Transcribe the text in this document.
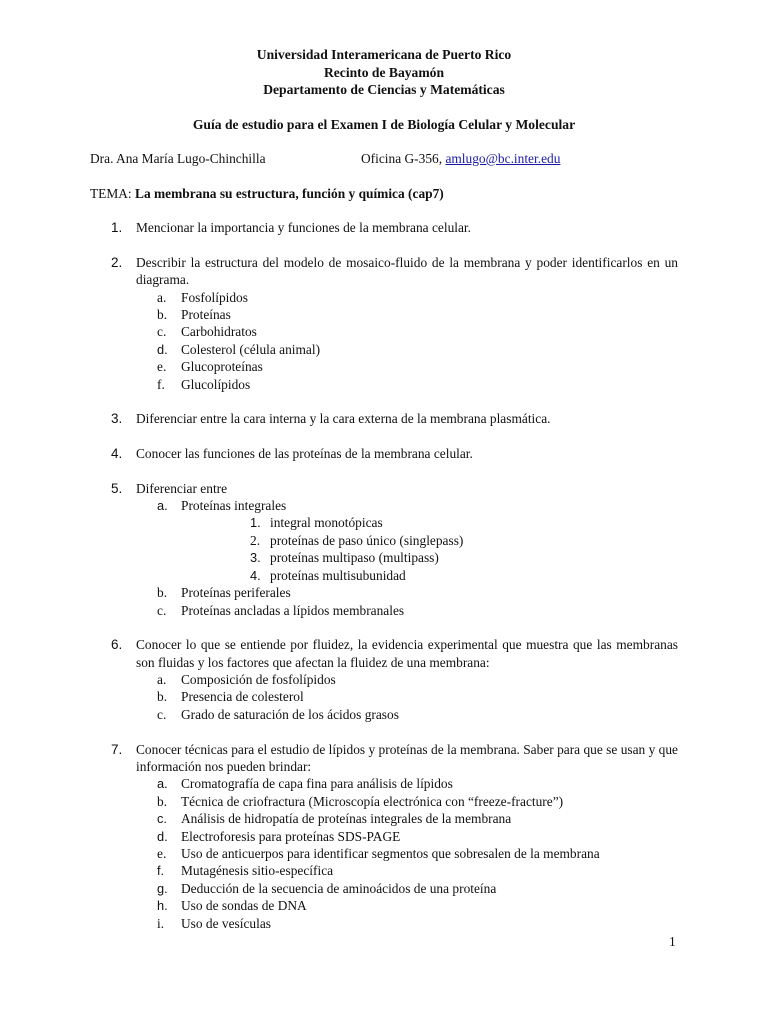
Universidad Interamericana de Puerto Rico
Recinto de Bayamón
Departamento de Ciencias y Matemáticas
Guía de estudio para el Examen I de Biología Celular y Molecular
Dra. Ana María Lugo-Chinchilla	Oficina G-356, amlugo@bc.inter.edu
TEMA: La membrana su estructura, función y química (cap7)
1. Mencionar la importancia y funciones de la membrana celular.
2. Describir la estructura del modelo de mosaico-fluido de la membrana y poder identificarlos en un diagrama.
a. Fosfolípidos
b. Proteínas
c. Carbohidratos
d. Colesterol (célula animal)
e. Glucoproteínas
f. Glucolípidos
3. Diferenciar entre la cara interna y la cara externa de la membrana plasmática.
4. Conocer las funciones de las proteínas de la membrana celular.
5. Diferenciar entre
a. Proteínas integrales
1. integral monotópicas
2. proteínas de paso único (singlepass)
3. proteínas multipaso (multipass)
4. proteínas multisubunidad
b. Proteínas periferales
c. Proteínas ancladas a lípidos membranales
6. Conocer lo que se entiende por fluidez, la evidencia experimental que muestra que las membranas son fluidas y los factores que afectan la fluidez de una membrana:
a. Composición de fosfolípidos
b. Presencia de colesterol
c. Grado de saturación de los ácidos grasos
7. Conocer técnicas para el estudio de lípidos y proteínas de la membrana. Saber para que se usan y que información nos pueden brindar:
a. Cromatografía de capa fina para análisis de lípidos
b. Técnica de criofractura (Microscopía electrónica con “freeze-fracture”)
c. Análisis de hidropatía de proteínas integrales de la membrana
d. Electroforesis para proteínas SDS-PAGE
e. Uso de anticuerpos para identificar segmentos que sobresalen de la membrana
f. Mutagénesis sitio-específica
g. Deducción de la secuencia de aminoácidos de una proteína
h. Uso de sondas de DNA
i. Uso de vesículas
1
